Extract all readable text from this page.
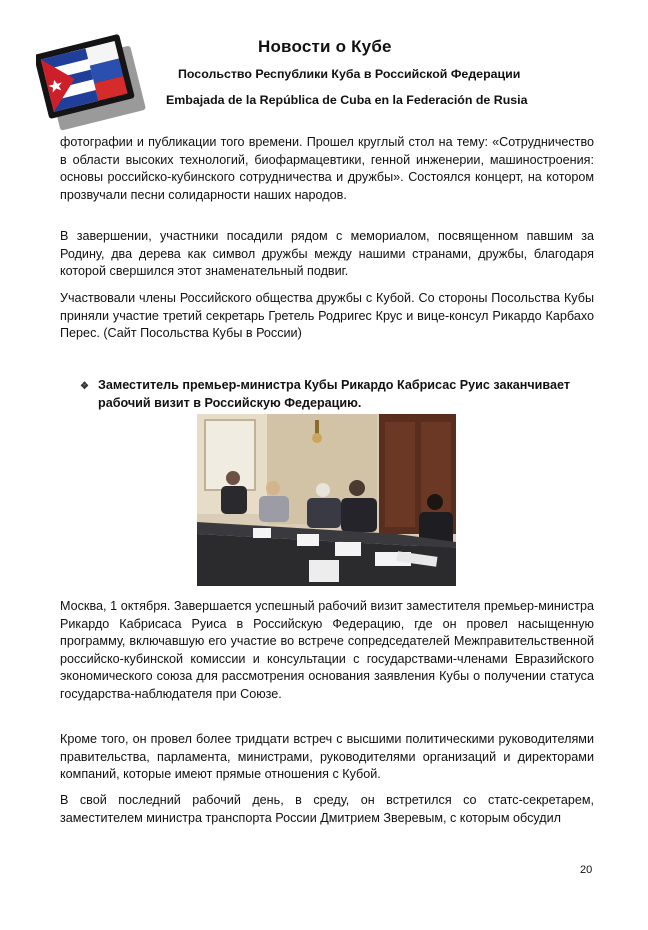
Новости о Кубе
Посольство Республики Куба в Российской Федерации
Embajada de la República de Cuba en la Federación de Rusia

фотографии и публикации того времени. Прошел круглый стол на тему: «Сотрудничество в области высоких технологий, биофармацевтики, генной инженерии, машиностроения: основы российско-кубинского сотрудничества и дружбы». Состоялся концерт, на котором прозвучали песни солидарности наших народов.

В завершении, участники посадили рядом с мемориалом, посвященном павшим за Родину, два дерева как символ дружбы между нашими странами, дружбы, благодаря которой свершился этот знаменательный подвиг.

Участвовали члены Российского общества дружбы с Кубой. Со стороны Посольства Кубы приняли участие третий секретарь Гретель Родригес Крус и вице-консул Рикардо Карбахо Перес. (Сайт Посольства Кубы в России)

❖ Заместитель премьер-министра Кубы Рикардо Кабрисас Руис заканчивает рабочий визит в Российскую Федерацию.

Москва, 1 октября. Завершается успешный рабочий визит заместителя премьер-министра Рикардо Кабрисаса Руиса в Российскую Федерацию, где он провел насыщенную программу, включавшую его участие во встрече сопредседателей Межправительственной российско-кубинской комиссии и консультации с государствами-членами Евразийского экономического союза для рассмотрения основания заявления Кубы о получении статуса государства-наблюдателя при Союзе.

Кроме того, он провел более тридцати встреч с высшими политическими руководителями правительства, парламента, министрами, руководителями организаций и директорами компаний, которые имеют прямые отношения с Кубой.

В свой последний рабочий день, в среду, он встретился со статс-секретарем, заместителем министра транспорта России Дмитрием Зверевым, с которым обсудил

20
